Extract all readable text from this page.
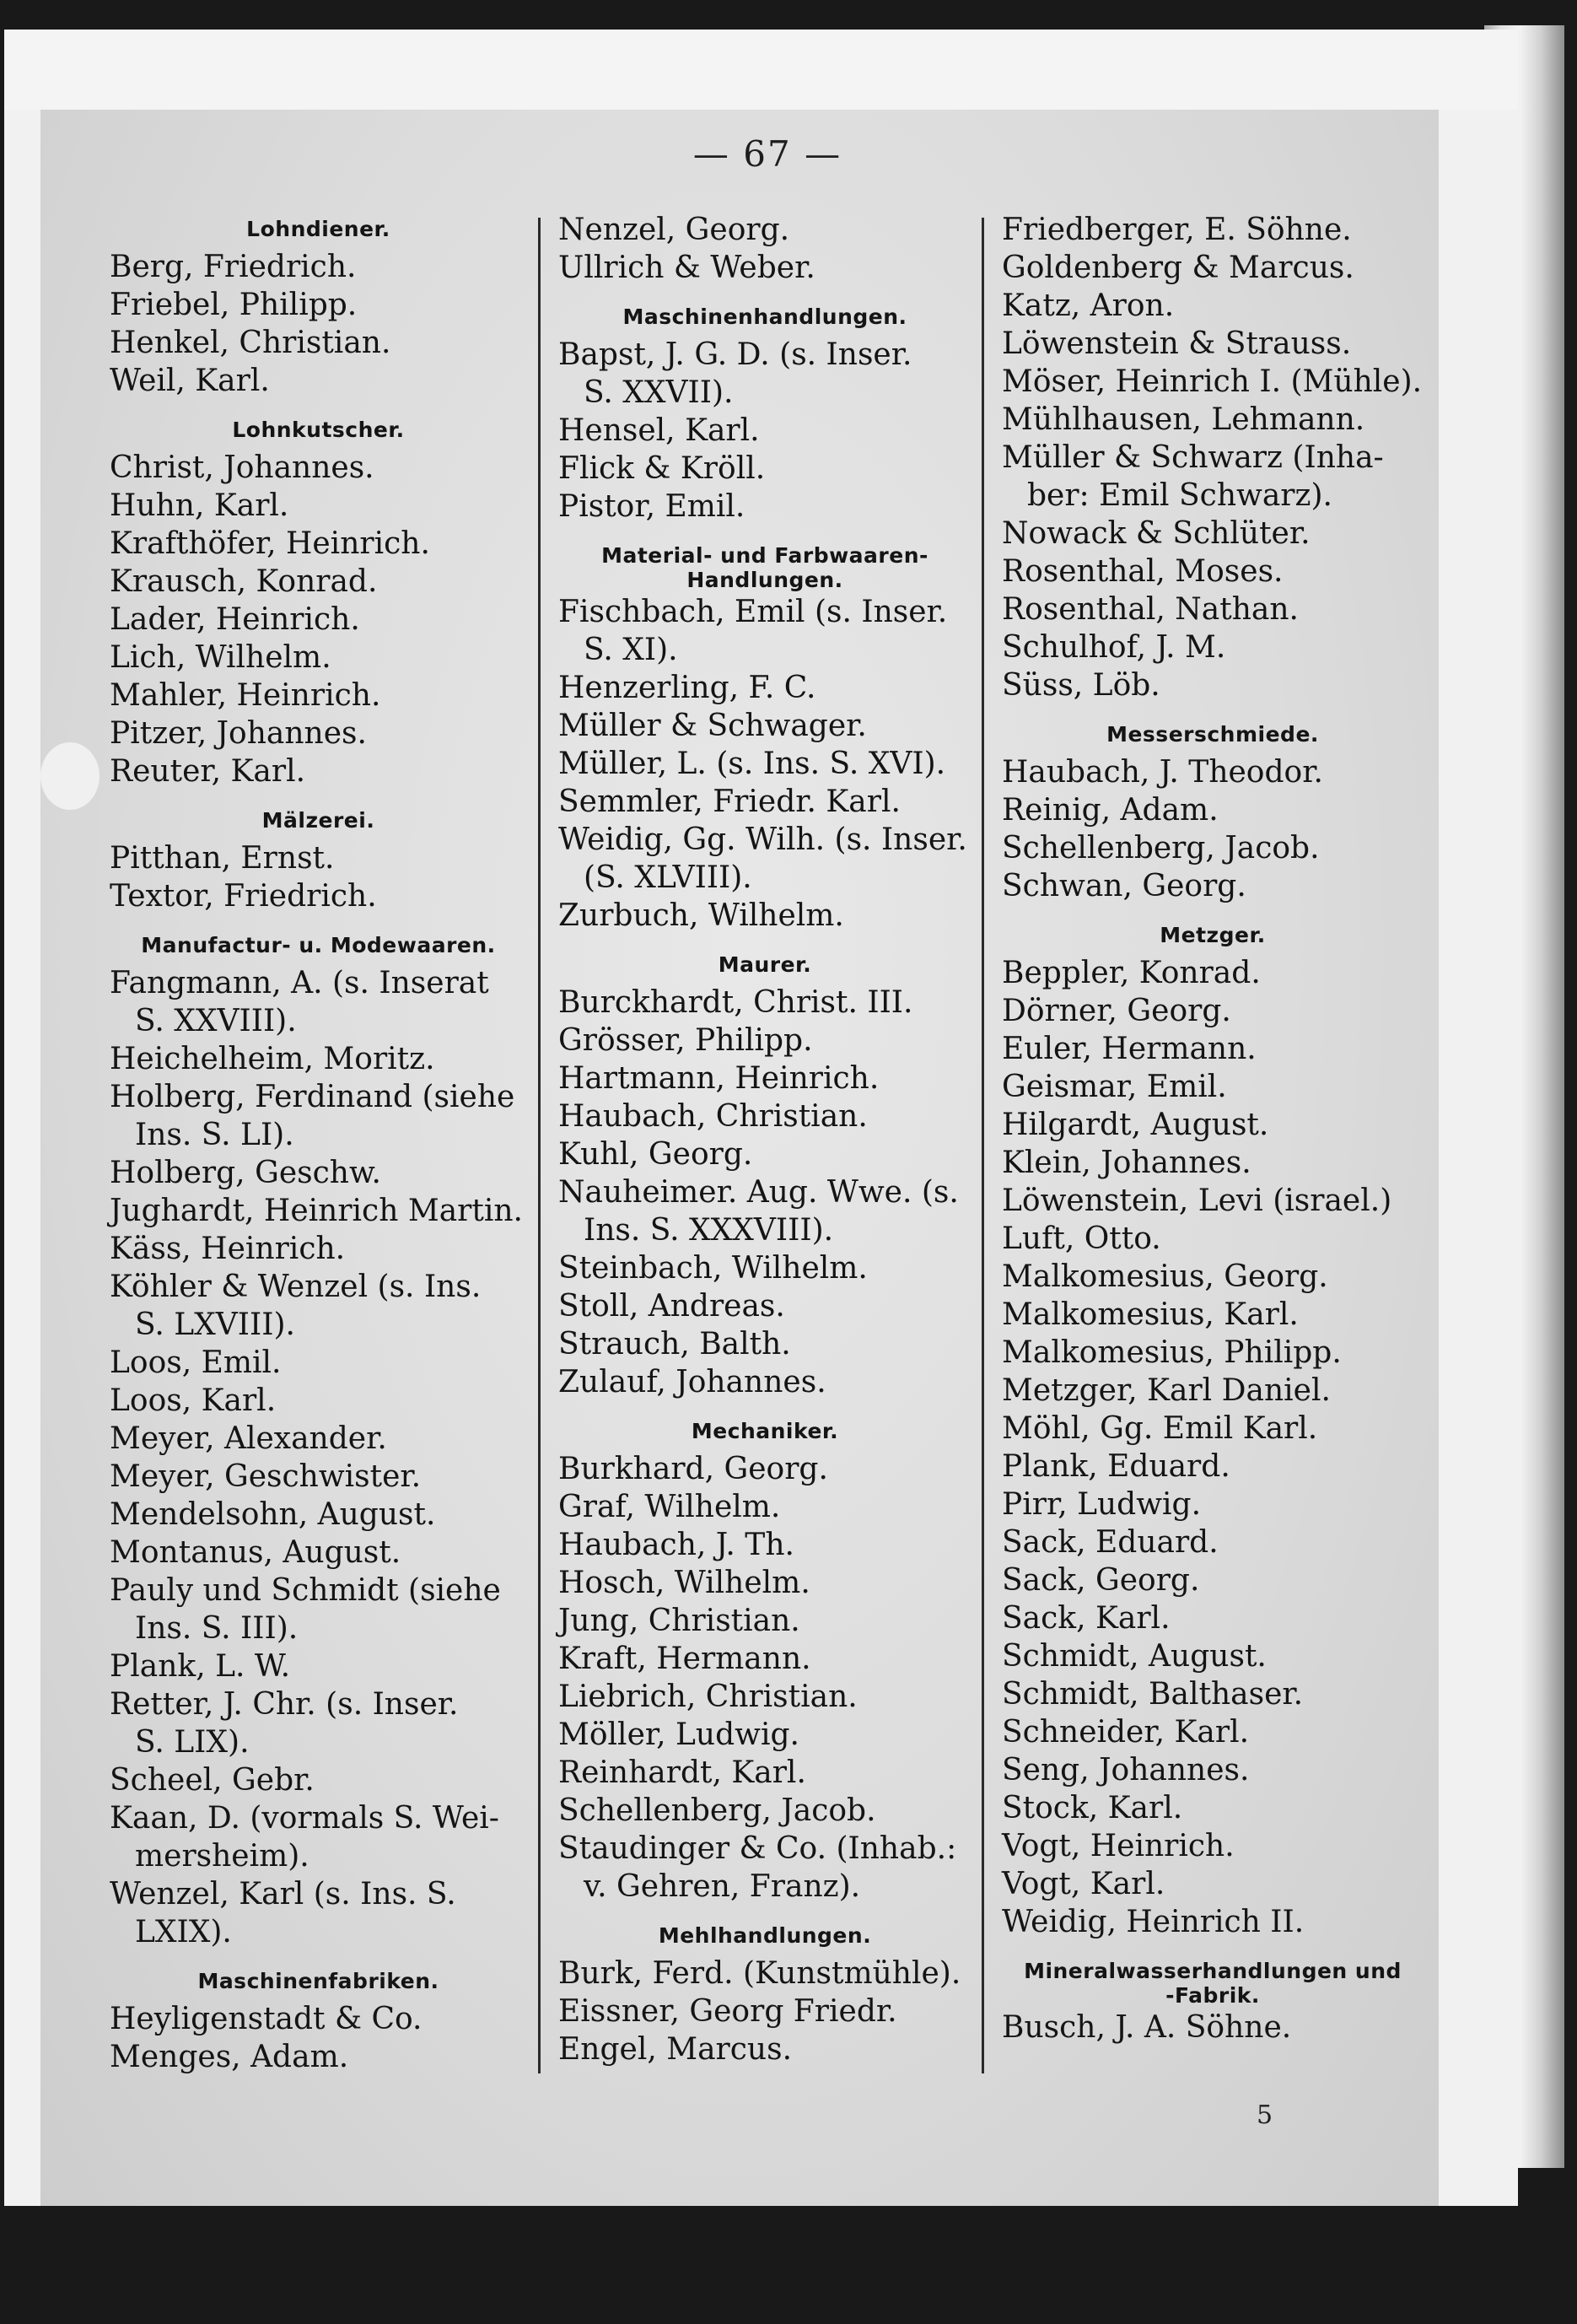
— 67 —
Lohndiener.
Berg, Friedrich.
Friebel, Philipp.
Henkel, Christian.
Weil, Karl.
Lohnkutscher.
Christ, Johannes.
Huhn, Karl.
Krafthöfer, Heinrich.
Krausch, Konrad.
Lader, Heinrich.
Lich, Wilhelm.
Mahler, Heinrich.
Pitzer, Johannes.
Reuter, Karl.
Mälzerei.
Pitthan, Ernst.
Textor, Friedrich.
Manufactur- u. Modewaaren.
Fangmann, A. (s. Inserat
S. XXVIII).
Heichelheim, Moritz.
Holberg, Ferdinand (siehe
Ins. S. LI).
Holberg, Geschw.
Jughardt, Heinrich Martin.
Käss, Heinrich.
Köhler & Wenzel (s. Ins.
S. LXVIII).
Loos, Emil.
Loos, Karl.
Meyer, Alexander.
Meyer, Geschwister.
Mendelsohn, August.
Montanus, August.
Pauly und Schmidt (siehe
Ins. S. III).
Plank, L. W.
Retter, J. Chr. (s. Inser.
S. LIX).
Scheel, Gebr.
Kaan, D. (vormals S. Wei-
mersheim).
Wenzel, Karl (s. Ins. S.
LXIX).
Maschinenfabriken.
Heyligenstadt & Co.
Menges, Adam.
Nenzel, Georg.
Ullrich & Weber.
Maschinenhandlungen.
Bapst, J. G. D. (s. Inser.
S. XXVII).
Hensel, Karl.
Flick & Kröll.
Pistor, Emil.
Material- und Farbwaaren-

Handlungen.
Fischbach, Emil (s. Inser.
S. XI).
Henzerling, F. C.
Müller & Schwager.
Müller, L. (s. Ins. S. XVI).
Semmler, Friedr. Karl.
Weidig, Gg. Wilh. (s. Inser.
(S. XLVIII).
Zurbuch, Wilhelm.
Maurer.
Burckhardt, Christ. III.
Grösser, Philipp.
Hartmann, Heinrich.
Haubach, Christian.
Kuhl, Georg.
Nauheimer. Aug. Wwe. (s.
Ins. S. XXXVIII).
Steinbach, Wilhelm.
Stoll, Andreas.
Strauch, Balth.
Zulauf, Johannes.
Mechaniker.
Burkhard, Georg.
Graf, Wilhelm.
Haubach, J. Th.
Hosch, Wilhelm.
Jung, Christian.
Kraft, Hermann.
Liebrich, Christian.
Möller, Ludwig.
Reinhardt, Karl.
Schellenberg, Jacob.
Staudinger & Co. (Inhab.:
v. Gehren, Franz).
Mehlhandlungen.
Burk, Ferd. (Kunstmühle).
Eissner, Georg Friedr.
Engel, Marcus.
Friedberger, E. Söhne.
Goldenberg & Marcus.
Katz, Aron.
Löwenstein & Strauss.
Möser, Heinrich I. (Mühle).
Mühlhausen, Lehmann.
Müller & Schwarz (Inha-
ber: Emil Schwarz).
Nowack & Schlüter.
Rosenthal, Moses.
Rosenthal, Nathan.
Schulhof, J. M.
Süss, Löb.
Messerschmiede.
Haubach, J. Theodor.
Reinig, Adam.
Schellenberg, Jacob.
Schwan, Georg.
Metzger.
Beppler, Konrad.
Dörner, Georg.
Euler, Hermann.
Geismar, Emil.
Hilgardt, August.
Klein, Johannes.
Löwenstein, Levi (israel.)
Luft, Otto.
Malkomesius, Georg.
Malkomesius, Karl.
Malkomesius, Philipp.
Metzger, Karl Daniel.
Möhl, Gg. Emil Karl.
Plank, Eduard.
Pirr, Ludwig.
Sack, Eduard.
Sack, Georg.
Sack, Karl.
Schmidt, August.
Schmidt, Balthaser.
Schneider, Karl.
Seng, Johannes.
Stock, Karl.
Vogt, Heinrich.
Vogt, Karl.
Weidig, Heinrich II.
Mineralwasserhandlungen und

-Fabrik.
Busch, J. A. Söhne.
5
